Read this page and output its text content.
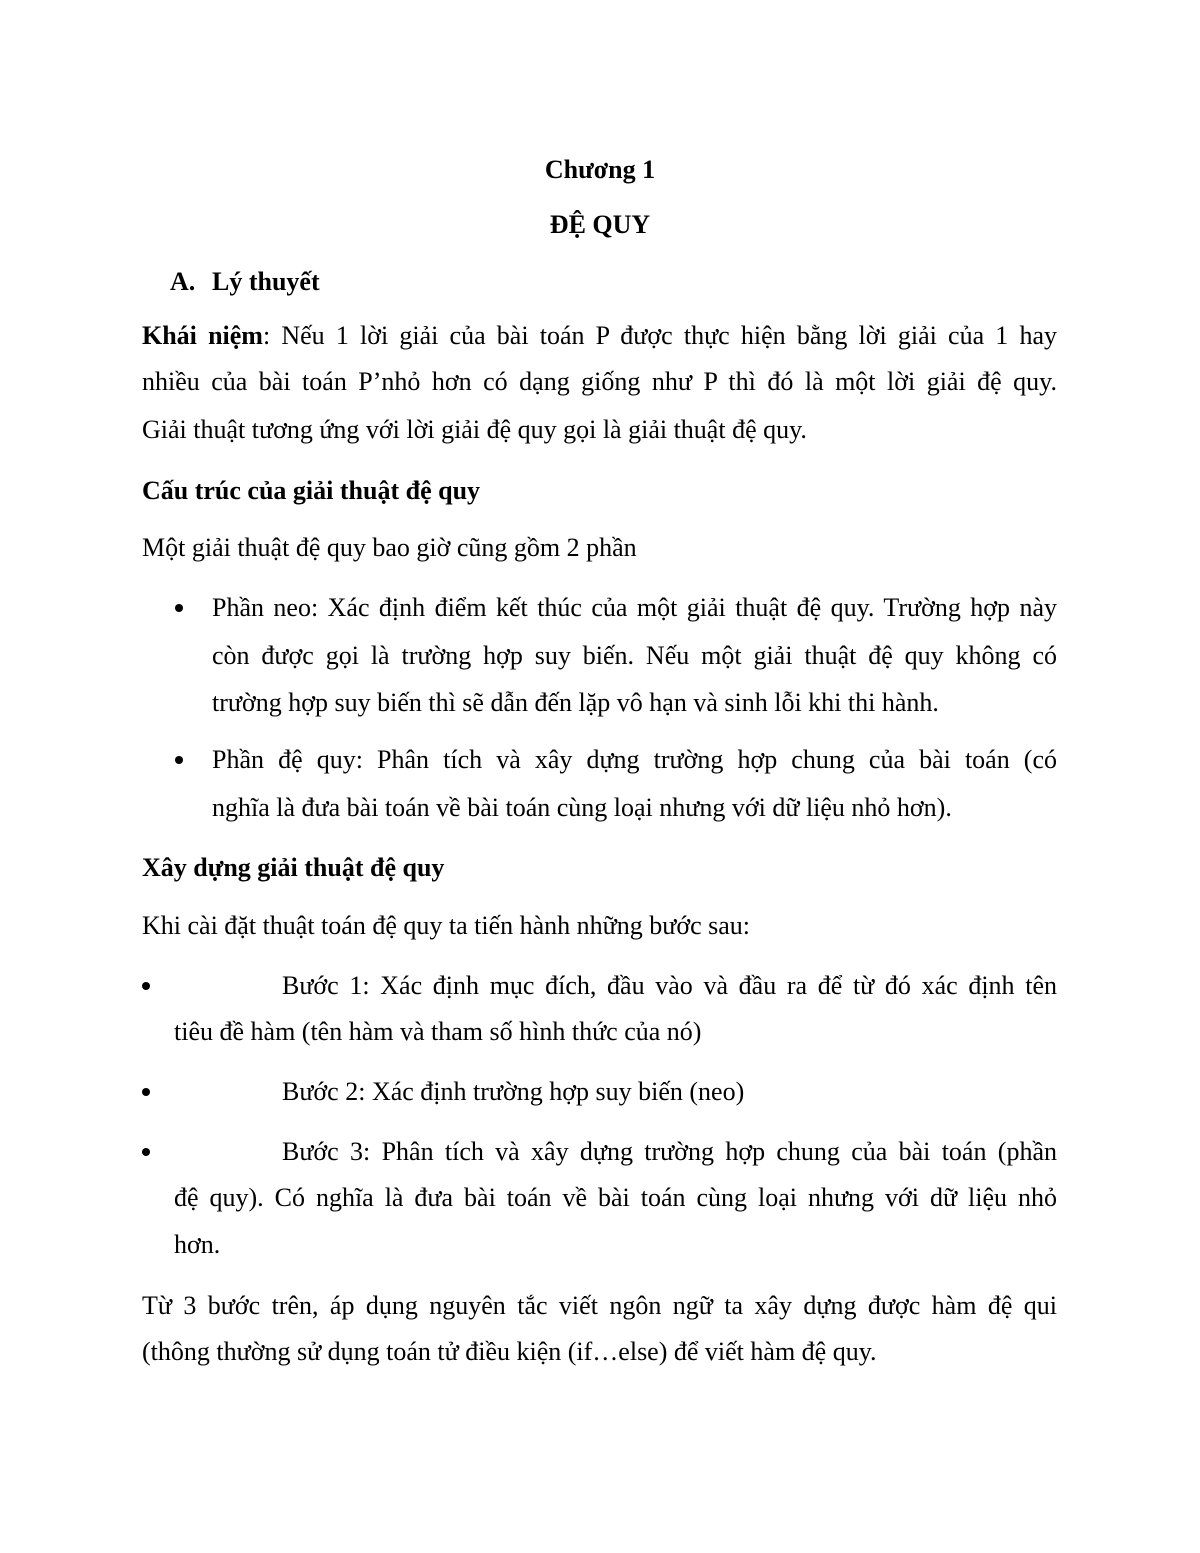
Chương 1
ĐỆ QUY
A. Lý thuyết
Khái niệm: Nếu 1 lời giải của bài toán P được thực hiện bằng lời giải của 1 hay
nhiều của bài toán P’nhỏ hơn có dạng giống như P thì đó là một lời giải đệ quy.
Giải thuật tương ứng với lời giải đệ quy gọi là giải thuật đệ quy.
Cấu trúc của giải thuật đệ quy
Một giải thuật đệ quy bao giờ cũng gồm 2 phần
Phần neo: Xác định điểm kết thúc của một giải thuật đệ quy. Trường hợp này
còn được gọi là trường hợp suy biến. Nếu một giải thuật đệ quy không có
trường hợp suy biến thì sẽ dẫn đến lặp vô hạn và sinh lỗi khi thi hành.
Phần đệ quy: Phân tích và xây dựng trường hợp chung của bài toán (có
nghĩa là đưa bài toán về bài toán cùng loại nhưng với dữ liệu nhỏ hơn).
Xây dựng giải thuật đệ quy
Khi cài đặt thuật toán đệ quy ta tiến hành những bước sau:
Bước 1: Xác định mục đích, đầu vào và đầu ra để từ đó xác định tên
tiêu đề hàm (tên hàm và tham số hình thức của nó)
Bước 2: Xác định trường hợp suy biến (neo)
Bước 3: Phân tích và xây dựng trường hợp chung của bài toán (phần
đệ quy). Có nghĩa là đưa bài toán về bài toán cùng loại nhưng với dữ liệu nhỏ
hơn.
Từ 3 bước trên, áp dụng nguyên tắc viết ngôn ngữ ta xây dựng được hàm đệ qui
(thông thường sử dụng toán tử điều kiện (if…else) để viết hàm đệ quy.
